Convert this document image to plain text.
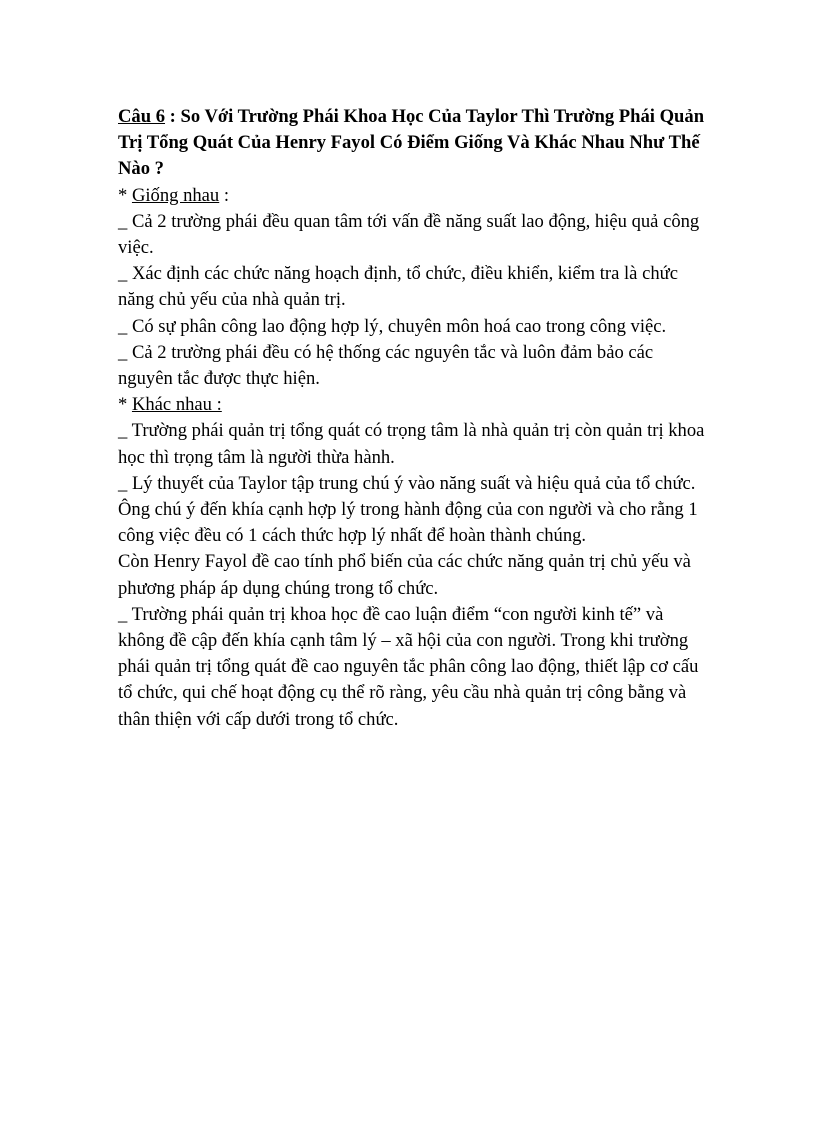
Câu 6 : So Với Trường Phái Khoa Học Của Taylor Thì Trường Phái Quản Trị Tổng Quát Của Henry Fayol Có Điểm Giống Và Khác Nhau Như Thế Nào ?

* Giống nhau :

_ Cả 2 trường phái đều quan tâm tới vấn đề năng suất lao động, hiệu quả công việc.

_ Xác định các chức năng hoạch định, tổ chức, điều khiển, kiểm tra là chức năng chủ yếu của nhà quản trị.

_ Có sự phân công lao động hợp lý, chuyên môn hoá cao trong công việc.

_ Cả 2 trường phái đều có hệ thống các nguyên tắc và luôn đảm bảo các nguyên tắc được thực hiện.

* Khác nhau :

_ Trường phái quản trị tổng quát có trọng tâm là nhà quản trị còn quản trị khoa học thì trọng tâm là người thừa hành.

_ Lý thuyết của Taylor tập trung chú ý vào năng suất và hiệu quả của tổ chức. Ông chú ý đến khía cạnh hợp lý trong hành động của con người và cho rằng 1 công việc đều có 1 cách thức hợp lý nhất để hoàn thành chúng.

Còn Henry Fayol đề cao tính phổ biến của các chức năng quản trị chủ yếu và phương pháp áp dụng chúng trong tổ chức.

_ Trường phái quản trị khoa học đề cao luận điểm “con người kinh tế” và không đề cập đến khía cạnh tâm lý – xã hội của con người. Trong khi trường phái quản trị tổng quát đề cao nguyên tắc phân công lao động, thiết lập cơ cấu tổ chức, qui chế hoạt động cụ thể rõ ràng, yêu cầu nhà quản trị công bằng và thân thiện với cấp dưới trong tổ chức.
